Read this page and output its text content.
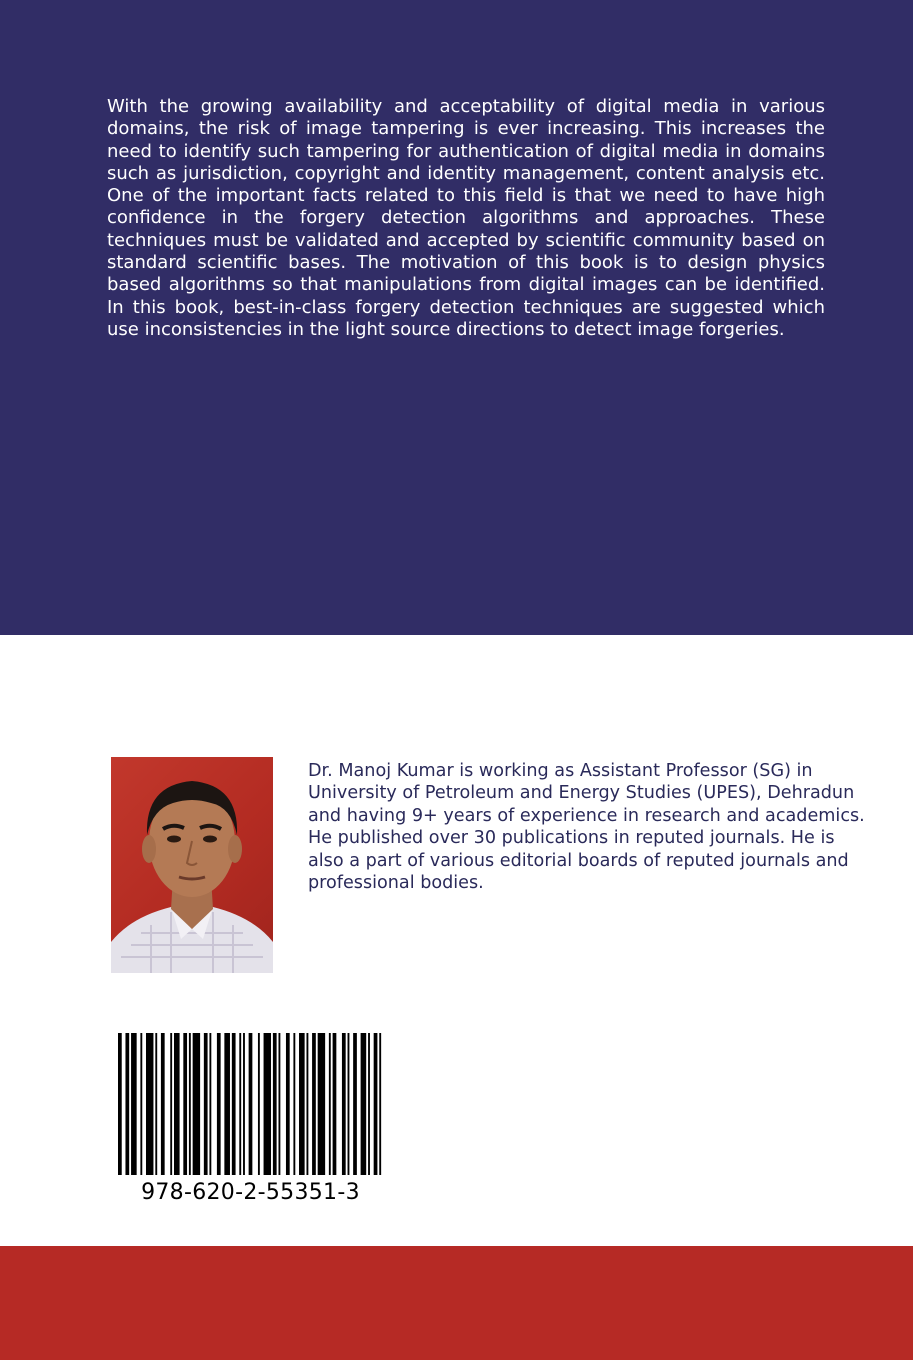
With the growing availability and acceptability of digital media in various domains, the risk of image tampering is ever increasing. This increases the need to identify such tampering for authentication of digital media in domains such as jurisdiction, copyright and identity management, content analysis etc. One of the important facts related to this field is that we need to have high confidence in the forgery detection algorithms and approaches. These techniques must be validated and accepted by scientific community based on standard scientific bases. The motivation of this book is to design physics based algorithms so that manipulations from digital images can be identified. In this book, best-in-class forgery detection techniques are suggested which use inconsistencies in the light source directions to detect image forgeries.

Dr. Manoj Kumar is working as Assistant Professor (SG) in University of Petroleum and Energy Studies (UPES), Dehradun and having 9+ years of experience in research and academics. He published over 30 publications in reputed journals. He is also a part of various editorial boards of reputed journals and professional bodies.

978-620-2-55351-3
